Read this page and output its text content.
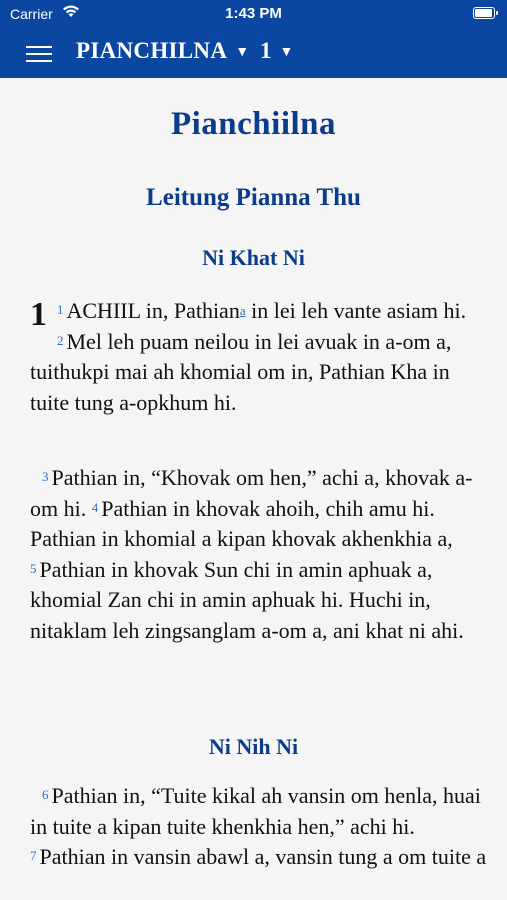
Carrier	1:43 PM
PIANCHILNA ▼ 1 ▼
Pianchiilna
Leitung Pianna Thu
Ni Khat Ni

1 $^1$ ACHIIL in, Pathian$^a$ in lei leh vante asiam hi. $^2$ Mel leh puam neilou in lei avuak in a-om a, tuithukpi mai ah khomial om in, Pathian Kha in tuite tung a-opkhum hi.

$^3$ Pathian in, “Khovak om hen,” achi a, khovak a-om hi. $^4$ Pathian in khovak ahoih, chih amu hi. Pathian in khomial a kipan khovak akhenkhia a, $^5$ Pathian in khovak Sun chi in amin aphuak a, khomial Zan chi in amin aphuak hi. Huchi in, nitaklam leh zingsanglam a-om a, ani khat ni ahi.

Ni Nih Ni

$^6$ Pathian in, “Tuite kikal ah vansin om henla, huai in tuite a kipan tuite khenkhia hen,” achi hi. $^7$ Pathian in vansin abawl a, vansin tung a om tuite a
